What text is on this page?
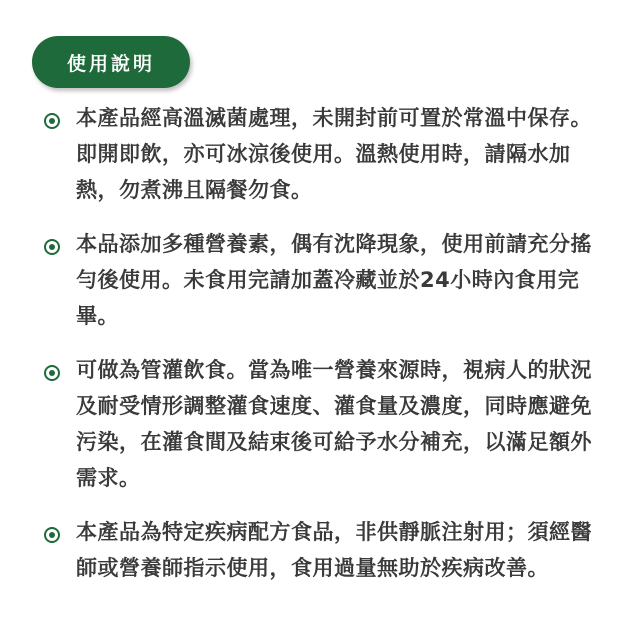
使用說明
本產品經高溫滅菌處理，未開封前可置於常溫中保存。即開即飲，亦可冰涼後使用。溫熱使用時，請隔水加熱，勿煮沸且隔餐勿食。
本品添加多種營養素，偶有沈降現象，使用前請充分搖勻後使用。未食用完請加蓋冷藏並於24小時內食用完畢。
可做為管灌飲食。當為唯一營養來源時，視病人的狀況及耐受情形調整灌食速度、灌食量及濃度，同時應避免污染，在灌食間及結束後可給予水分補充，以滿足額外需求。
本產品為特定疾病配方食品，非供靜脈注射用；須經醫師或營養師指示使用，食用過量無助於疾病改善。
